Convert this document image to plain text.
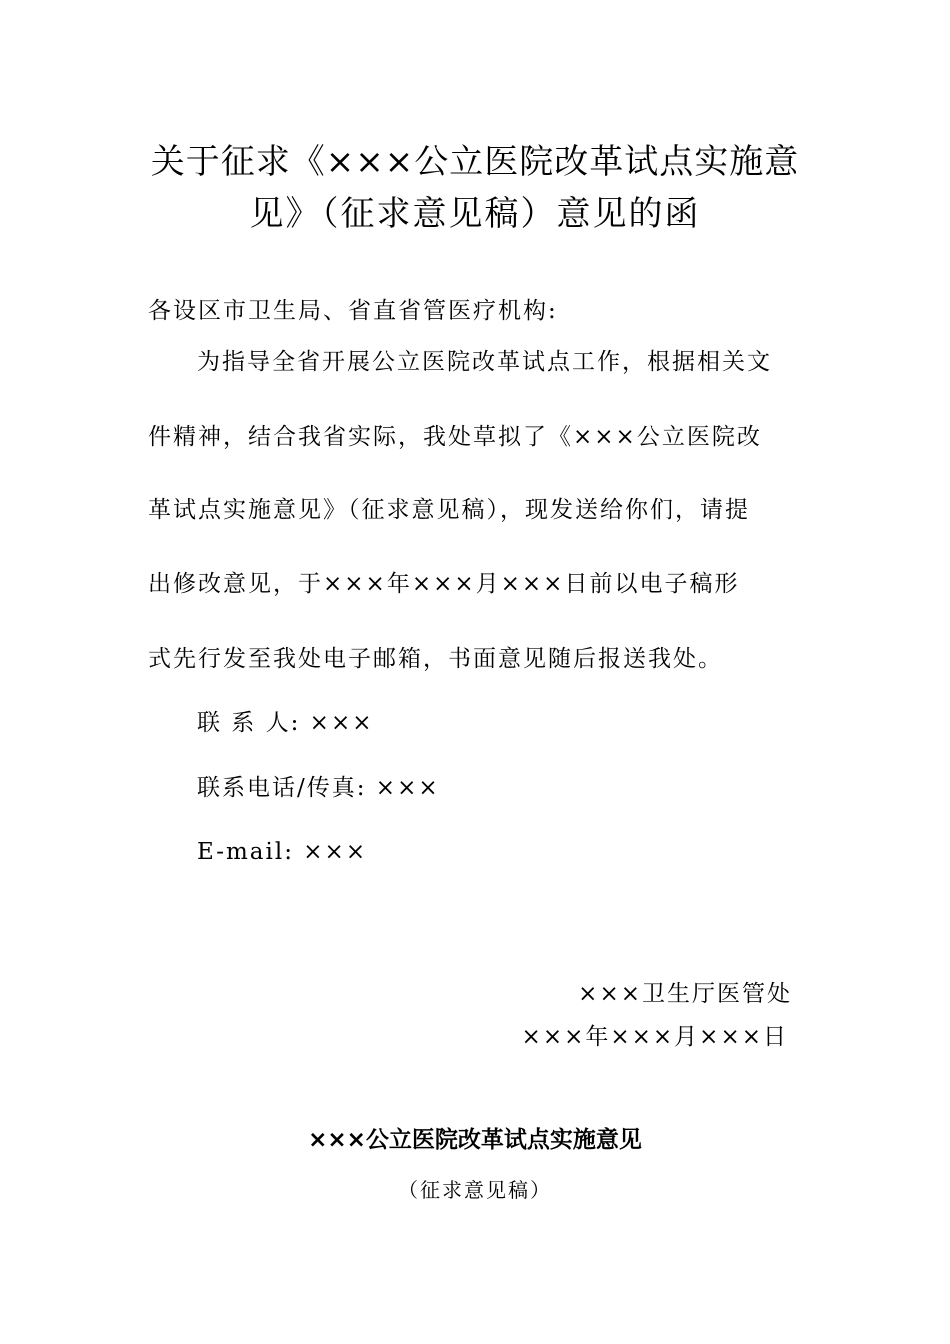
关于征求《×××公立医院改革试点实施意
见》（征求意见稿）意见的函
各设区市卫生局、省直省管医疗机构:
为指导全省开展公立医院改革试点工作，根据相关文
件精神，结合我省实际，我处草拟了《×××公立医院改
革试点实施意见》（征求意见稿），现发送给你们，请提
出修改意见，于×××年×××月×××日前以电子稿形
式先行发至我处电子邮箱，书面意见随后报送我处。
联 系 人: ×××
联系电话/传真: ×××
E-mail: ×××
×××卫生厅医管处
×××年×××月×××日
×××公立医院改革试点实施意见
（征求意见稿）
